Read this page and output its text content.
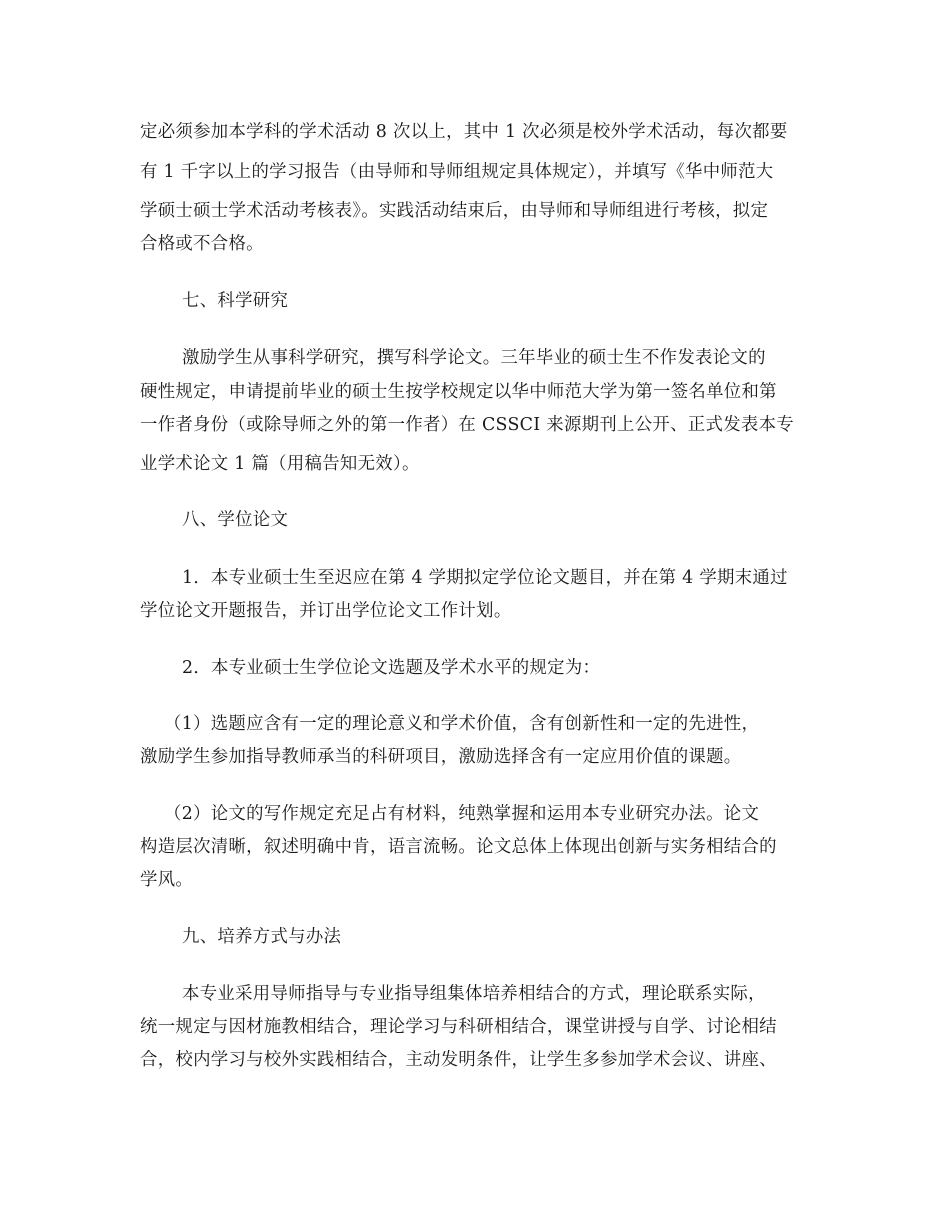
定必须参加本学科的学术活动 8 次以上，其中 1 次必须是校外学术活动，每次都要
有 1 千字以上的学习报告（由导师和导师组规定具体规定），并填写《华中师范大
学硕士硕士学术活动考核表》。实践活动结束后，由导师和导师组进行考核，拟定
合格或不合格。
七、科学研究
激励学生从事科学研究，撰写科学论文。三年毕业的硕士生不作发表论文的
硬性规定，申请提前毕业的硕士生按学校规定以华中师范大学为第一签名单位和第
一作者身份（或除导师之外的第一作者）在 CSSCI 来源期刊上公开、正式发表本专
业学术论文 1 篇（用稿告知无效）。
八、学位论文
1．本专业硕士生至迟应在第 4 学期拟定学位论文题目，并在第 4 学期末通过
学位论文开题报告，并订出学位论文工作计划。
2．本专业硕士生学位论文选题及学术水平的规定为：
（1）选题应含有一定的理论意义和学术价值，含有创新性和一定的先进性，
激励学生参加指导教师承当的科研项目，激励选择含有一定应用价值的课题。
（2）论文的写作规定充足占有材料，纯熟掌握和运用本专业研究办法。论文
构造层次清晰，叙述明确中肯，语言流畅。论文总体上体现出创新与实务相结合的
学风。
九、培养方式与办法
本专业采用导师指导与专业指导组集体培养相结合的方式，理论联系实际，
统一规定与因材施教相结合，理论学习与科研相结合，课堂讲授与自学、讨论相结
合，校内学习与校外实践相结合，主动发明条件，让学生多参加学术会议、讲座、
